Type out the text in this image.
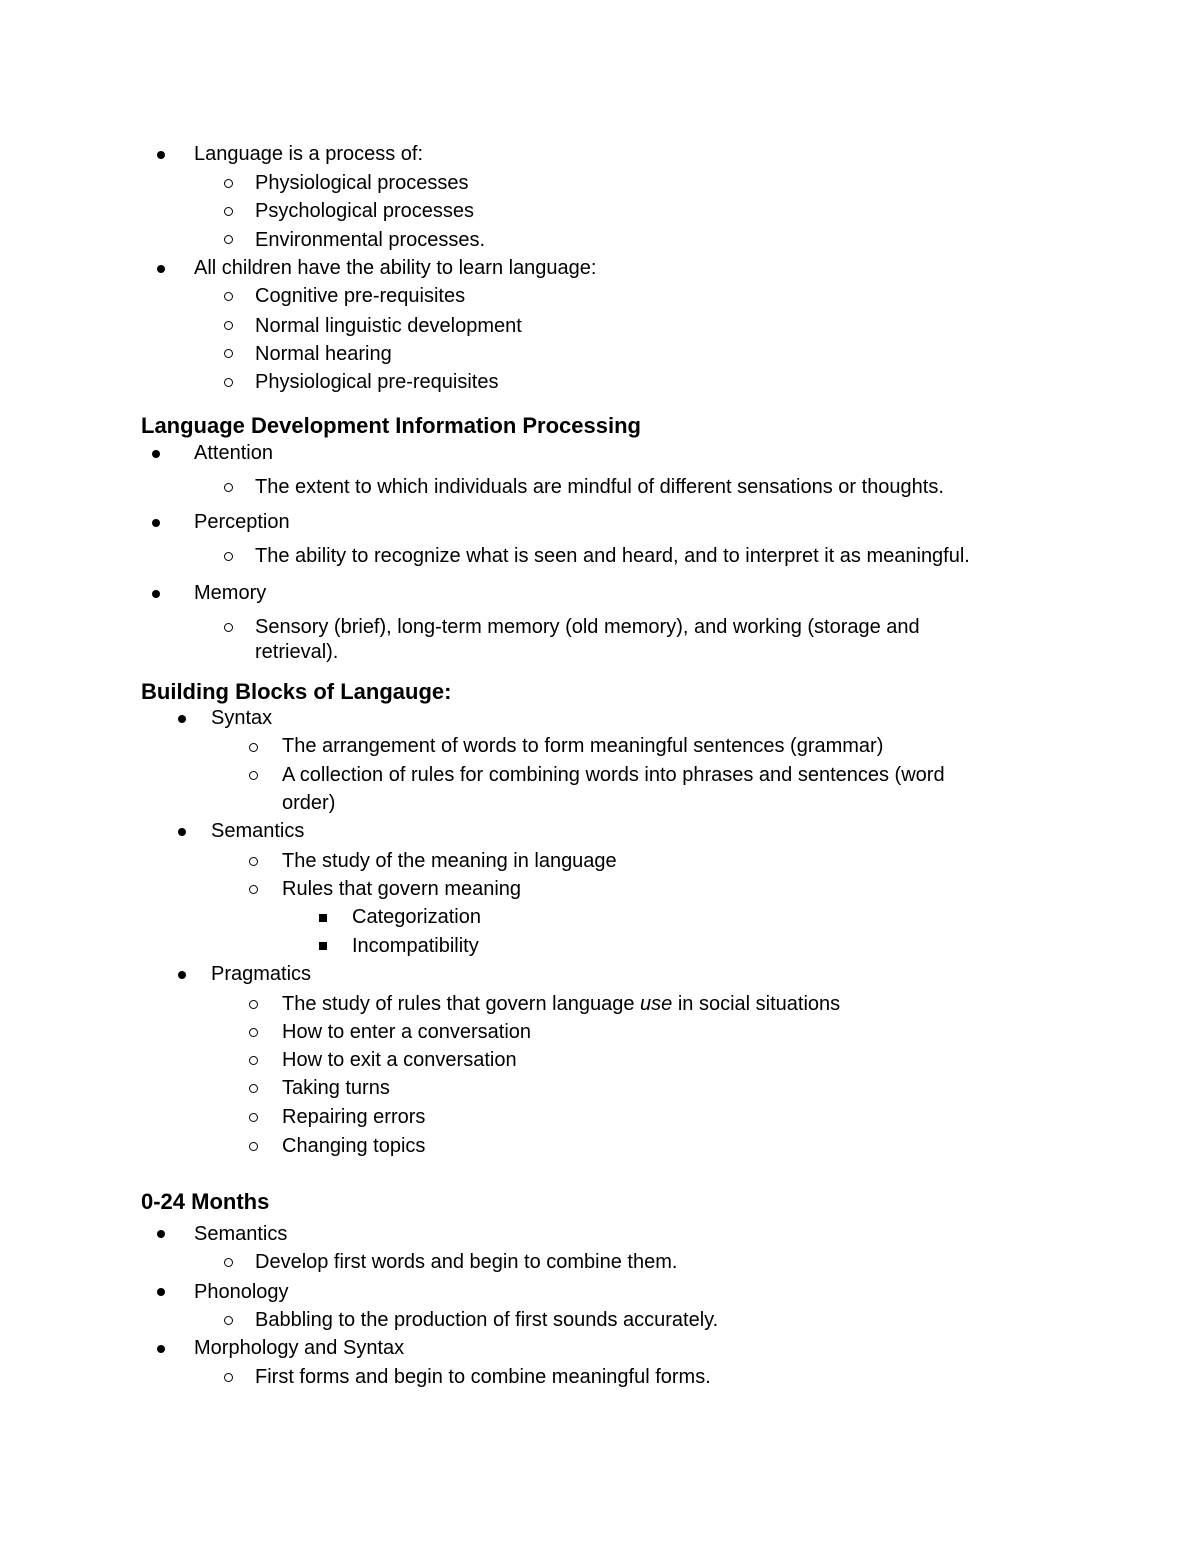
Language is a process of:
Physiological processes
Psychological processes
Environmental processes.
All children have the ability to learn language:
Cognitive pre-requisites
Normal linguistic development
Normal hearing
Physiological pre-requisites
Language Development Information Processing
Attention
The extent to which individuals are mindful of different sensations or thoughts.
Perception
The ability to recognize what is seen and heard, and to interpret it as meaningful.
Memory
Sensory (brief), long-term memory (old memory), and working (storage and
retrieval).
Building Blocks of Langauge:
Syntax
The arrangement of words to form meaningful sentences (grammar)
A collection of rules for combining words into phrases and sentences (word
order)
Semantics
The study of the meaning in language
Rules that govern meaning
Categorization
Incompatibility
Pragmatics
The study of rules that govern language use in social situations
How to enter a conversation
How to exit a conversation
Taking turns
Repairing errors
Changing topics
0-24 Months
Semantics
Develop first words and begin to combine them.
Phonology
Babbling to the production of first sounds accurately.
Morphology and Syntax
First forms and begin to combine meaningful forms.
